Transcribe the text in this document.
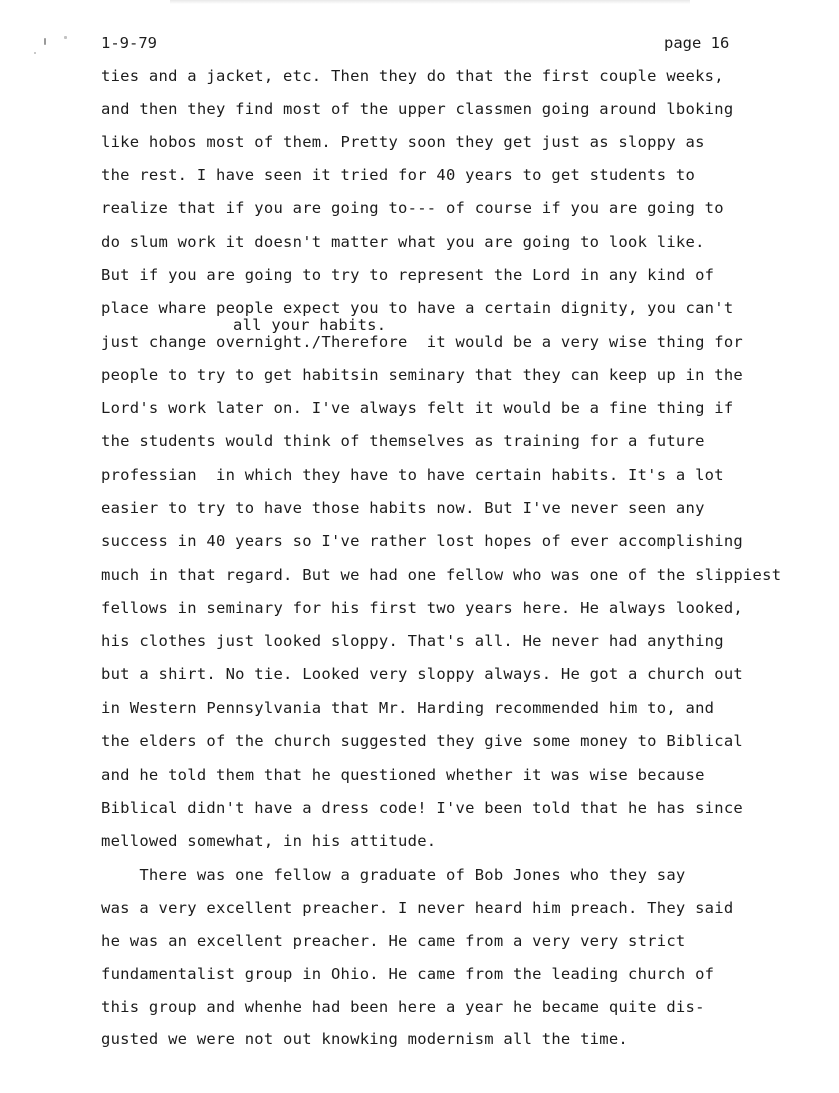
1-9-79	page 16
ties and a jacket, etc. Then they do that the first couple weeks,
and then they find most of the upper classmen going around lboking
like hobos most of them. Pretty soon they get just as sloppy as
the rest. I have seen it tried for 40 years to get students to
realize that if you are going to--- of course if you are going to
do slum work it doesn't matter what you are going to look like.
But if you are going to try to represent the Lord in any kind of
place whare people expect you to have a certain dignity, you can't
all your habits.
just change overnight./Therefore  it would be a very wise thing for
people to try to get habitsin seminary that they can keep up in the
Lord's work later on. I've always felt it would be a fine thing if
the students would think of themselves as training for a future
professian  in which they have to have certain habits. It's a lot
easier to try to have those habits now. But I've never seen any
success in 40 years so I've rather lost hopes of ever accomplishing
much in that regard. But we had one fellow who was one of the slippiest
fellows in seminary for his first two years here. He always looked,
his clothes just looked sloppy. That's all. He never had anything
but a shirt. No tie. Looked very sloppy always. He got a church out
in Western Pennsylvania that Mr. Harding recommended him to, and
the elders of the church suggested they give some money to Biblical
and he told them that he questioned whether it was wise because
Biblical didn't have a dress code! I've been told that he has since
mellowed somewhat, in his attitude.
There was one fellow a graduate of Bob Jones who they say
was a very excellent preacher. I never heard him preach. They said
he was an excellent preacher. He came from a very very strict
fundamentalist group in Ohio. He came from the leading church of
this group and whenhe had been here a year he became quite dis-
gusted we were not out knowking modernism all the time.
